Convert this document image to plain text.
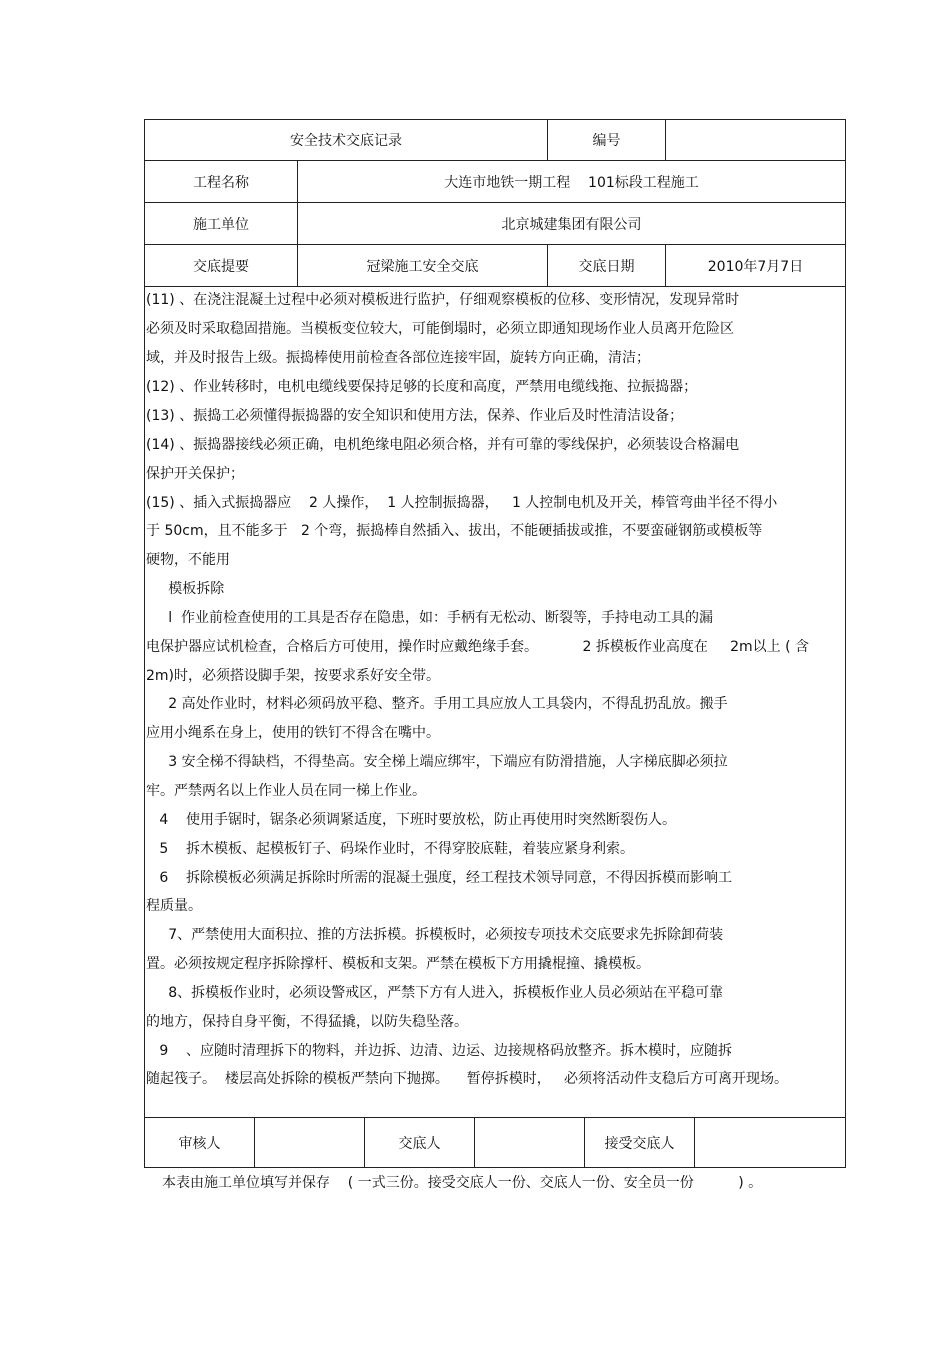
安全技术交底记录	编号
工程名称	大连市地铁一期工程    101标段工程施工
施工单位	北京城建集团有限公司
交底提要	冠梁施工安全交底	交底日期	2010年7月7日
(11) 、在浇注混凝土过程中必须对模板进行监护，仔细观察模板的位移、变形情况，发现异常时
必须及时采取稳固措施。当模板变位较大，可能倒塌时，必须立即通知现场作业人员离开危险区
域，并及时报告上级。振捣棒使用前检查各部位连接牢固，旋转方向正确，清洁；
(12) 、作业转移时，电机电缆线要保持足够的长度和高度，严禁用电缆线拖、拉振捣器；
(13) 、振捣工必须懂得振捣器的安全知识和使用方法，保养、作业后及时性清洁设备；
(14) 、振捣器接线必须正确，电机绝缘电阻必须合格，并有可靠的零线保护，必须装设合格漏电
保护开关保护；
(15) 、插入式振捣器应    2 人操作，  1 人控制振捣器，   1 人控制电机及开关，棒管弯曲半径不得小
于 50cm，且不能多于   2 个弯，振捣棒自然插入、拔出，不能硬插拔或推，不要蛮碰钢筋或模板等
硬物，不能用
模板拆除
l  作业前检查使用的工具是否存在隐患，如：手柄有无松动、断裂等，手持电动工具的漏
电保护器应试机检查，合格后方可使用，操作时应戴绝缘手套。          2 拆模板作业高度在     2m以上 ( 含
2m)时，必须搭设脚手架，按要求系好安全带。
2 高处作业时，材料必须码放平稳、整齐。手用工具应放人工具袋内，不得乱扔乱放。搬手
应用小绳系在身上，使用的铁钉不得含在嘴中。
3 安全梯不得缺档，不得垫高。安全梯上端应绑牢，下端应有防滑措施，人字梯底脚必须拉
牢。严禁两名以上作业人员在同一梯上作业。
4    使用手锯时，锯条必须调紧适度，下班时要放松，防止再使用时突然断裂伤人。
5    拆木模板、起模板钉子、码垛作业时，不得穿胶底鞋，着装应紧身利索。
6    拆除模板必须满足拆除时所需的混凝土强度，经工程技术领导同意，不得因拆模而影响工
程质量。
7、严禁使用大面积拉、推的方法拆模。拆模板时，必须按专项技术交底要求先拆除卸荷装
置。必须按规定程序拆除撑杆、模板和支架。严禁在模板下方用撬棍撞、撬模板。
8、拆模板作业时，必须设警戒区，严禁下方有人进入，拆模板作业人员必须站在平稳可靠
的地方，保持自身平衡，不得猛撬，以防失稳坠落。
9    、应随时清理拆下的物料，并边拆、边清、边运、边接规格码放整齐。拆木模时，应随拆
随起筏子。  楼层高处拆除的模板严禁向下抛掷。    暂停拆模时，   必须将活动件支稳后方可离开现场。
审核人	交底人	接受交底人
本表由施工单位填写并保存    ( 一式三份。接受交底人一份、交底人一份、安全员一份          ) 。
